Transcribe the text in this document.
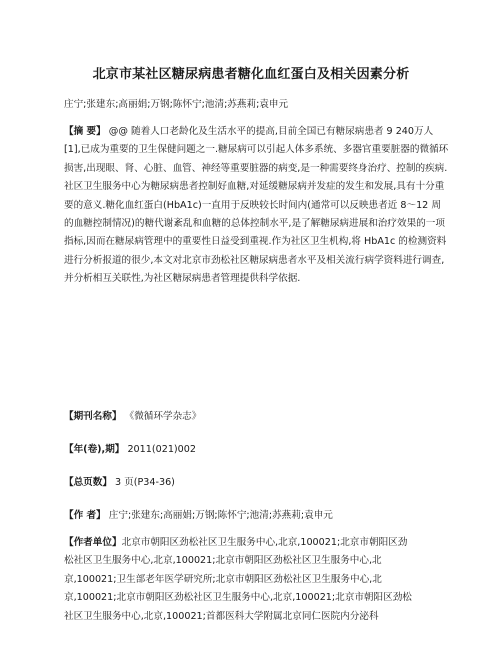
北京市某社区糖尿病患者糖化血红蛋白及相关因素分析
庄宁;张建东;高丽娟;万钢;陈怀宁;池清;苏燕莉;袁申元

【摘 要】 @@ 随着人口老龄化及生活水平的提高,目前全国已有糖尿病患者 9 240万人[1],已成为重要的卫生保健问题之一.糖尿病可以引起人体多系统、多器官重要脏器的微循环损害,出现眼、肾、心脏、血管、神经等重要脏器的病变,是一种需要终身治疗、控制的疾病.社区卫生服务中心为糖尿病患者控制好血糖,对延缓糖尿病并发症的发生和发展,具有十分重要的意义.糖化血红蛋白(HbA1c)一直用于反映较长时间内(通常可以反映患者近 8～12 周的血糖控制情况)的糖代谢紊乱和血糖的总体控制水平,是了解糖尿病进展和治疗效果的一项指标,因而在糖尿病管理中的重要性日益受到重视.作为社区卫生机构,将 HbA1c 的检测资料进行分析报道的很少,本文对北京市劲松社区糖尿病患者水平及相关流行病学资料进行调查,并分析相互关联性,为社区糖尿病患者管理提供科学依据.

【期刊名称】 《微循环学杂志》
【年(卷),期】 2011(021)002
【总页数】 3 页(P34-36)
【作 者】 庄宁;张建东;高丽娟;万钢;陈怀宁;池清;苏燕莉;袁申元
【作者单位】北京市朝阳区劲松社区卫生服务中心,北京,100021;北京市朝阳区劲
松社区卫生服务中心,北京,100021;北京市朝阳区劲松社区卫生服务中心,北
京,100021;卫生部老年医学研究所;北京市朝阳区劲松社区卫生服务中心,北
京,100021;北京市朝阳区劲松社区卫生服务中心,北京,100021;北京市朝阳区劲松
社区卫生服务中心,北京,100021;首都医科大学附属北京同仁医院内分泌科
